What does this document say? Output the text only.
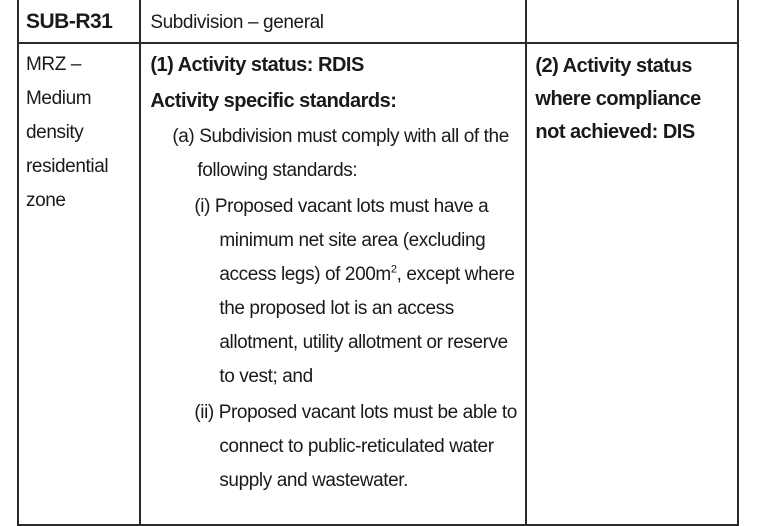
SUB-R31	Subdivision – general	

MRZ – Medium density residential zone	(1) Activity status: RDIS
Activity specific standards:
(a) Subdivision must comply with all of the following standards:
(i) Proposed vacant lots must have a minimum net site area (excluding access legs) of $200m^2$, except where the proposed lot is an access allotment, utility allotment or reserve to vest; and
(ii) Proposed vacant lots must be able to connect to public-reticulated water supply and wastewater.	(2) Activity status where compliance not achieved: DIS
